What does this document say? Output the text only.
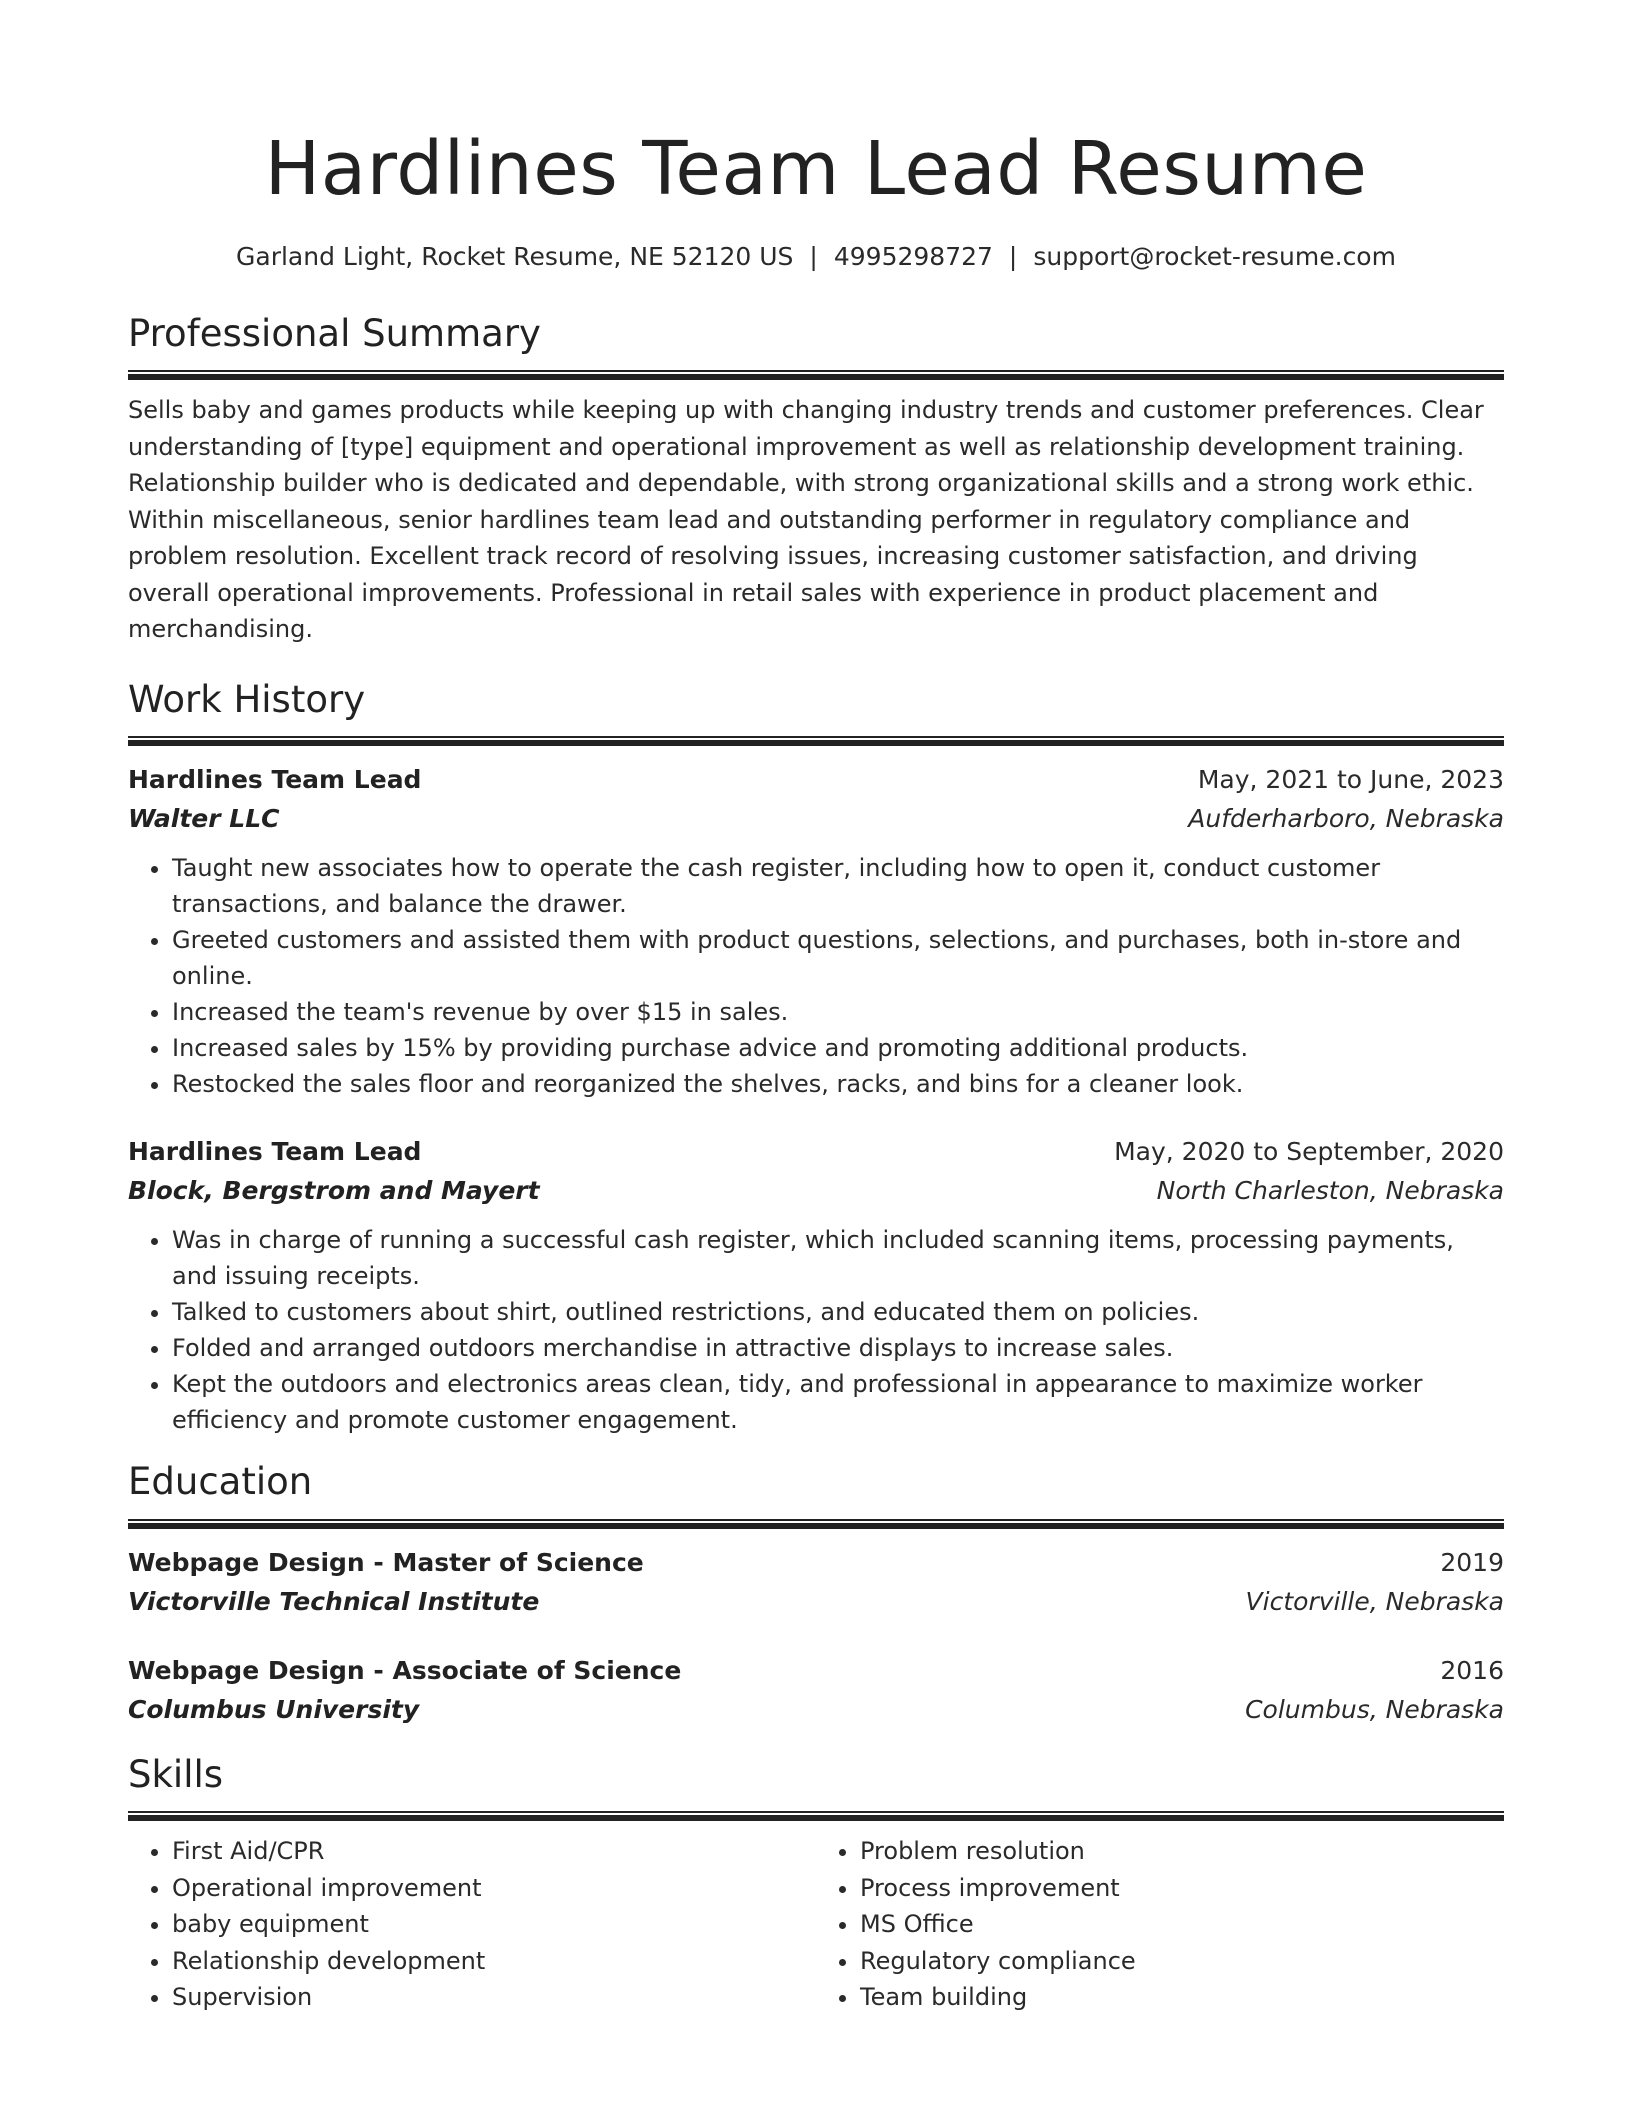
Hardlines Team Lead Resume
Garland Light, Rocket Resume, NE 52120 US | 4995298727 | support@rocket-resume.com
Professional Summary

Sells baby and games products while keeping up with changing industry trends and customer preferences. Clear understanding of [type] equipment and operational improvement as well as relationship development training. Relationship builder who is dedicated and dependable, with strong organizational skills and a strong work ethic. Within miscellaneous, senior hardlines team lead and outstanding performer in regulatory compliance and problem resolution. Excellent track record of resolving issues, increasing customer satisfaction, and driving overall operational improvements. Professional in retail sales with experience in product placement and merchandising.

Work History
Hardlines Team Lead	May, 2021 to June, 2023
Walter LLC	Aufderharboro, Nebraska
• Taught new associates how to operate the cash register, including how to open it, conduct customer transactions, and balance the drawer.
• Greeted customers and assisted them with product questions, selections, and purchases, both in-store and online.
• Increased the team's revenue by over $15 in sales.
• Increased sales by 15% by providing purchase advice and promoting additional products.
• Restocked the sales floor and reorganized the shelves, racks, and bins for a cleaner look.
Hardlines Team Lead	May, 2020 to September, 2020
Block, Bergstrom and Mayert	North Charleston, Nebraska
• Was in charge of running a successful cash register, which included scanning items, processing payments, and issuing receipts.
• Talked to customers about shirt, outlined restrictions, and educated them on policies.
• Folded and arranged outdoors merchandise in attractive displays to increase sales.
• Kept the outdoors and electronics areas clean, tidy, and professional in appearance to maximize worker efficiency and promote customer engagement.
Education
Webpage Design - Master of Science	2019
Victorville Technical Institute	Victorville, Nebraska
Webpage Design - Associate of Science	2016
Columbus University	Columbus, Nebraska
Skills
• First Aid/CPR
• Operational improvement
• baby equipment
• Relationship development
• Supervision
• Problem resolution
• Process improvement
• MS Office
• Regulatory compliance
• Team building
